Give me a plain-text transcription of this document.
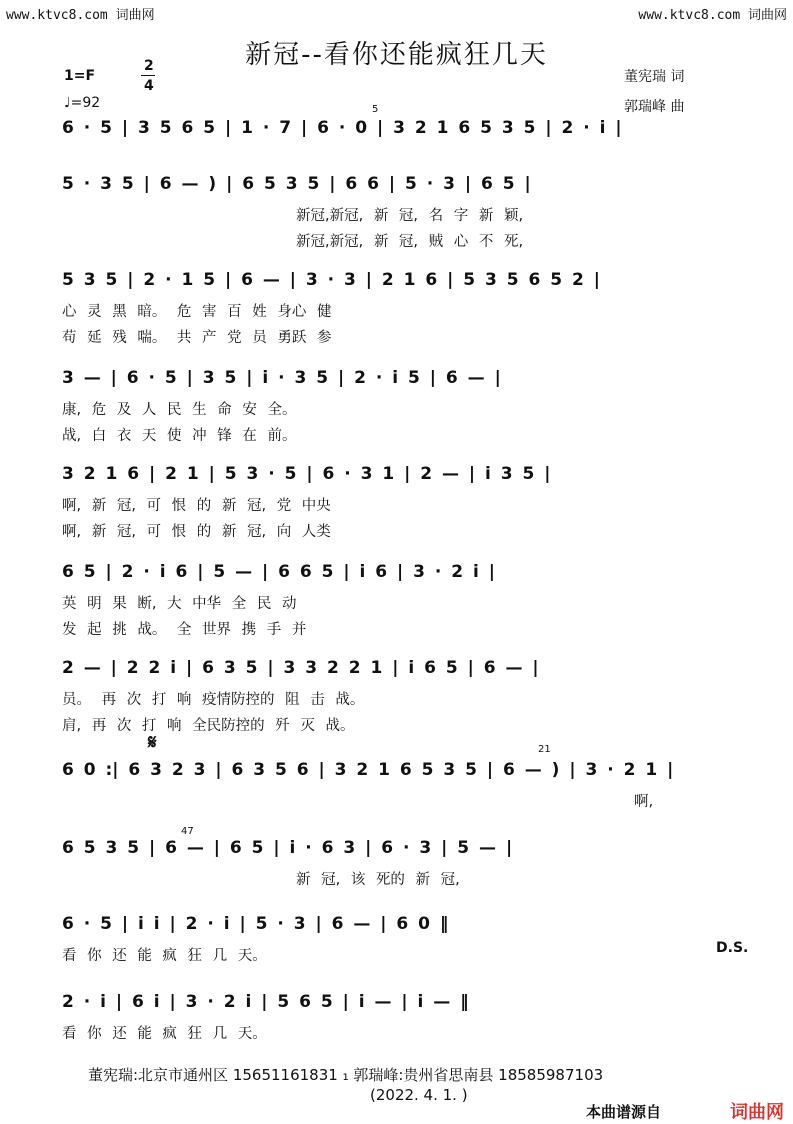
www.ktvc8.com 词曲网	www.ktvc8.com 词曲网
新冠--看你还能疯狂几天
1=F
2
4
♩=92
董宪瑞 词
郭瑞峰 曲
6 · 5 | 3 5 6 5 | 1 · 7 | 6 · 0 | 3 2 1 6 5 3 5 | 2 · i |
5 · 3 5 | 6 — ) | 6 5 3 5 | 6 6 | 5 · 3 | 6 5 |
新冠,新冠, 新 冠, 名 字 新 颖,
新冠,新冠, 新 冠, 贼 心 不 死,
5 3 5 | 2 · 1 5 | 6 — | 3 · 3 | 2 1 6 | 5 3 5 6 5 2 |
心 灵 黑 暗。 危 害 百 姓 身心 健
苟 延 残 喘。 共 产 党 员 勇跃 参
3 — | 6 · 5 | 3 5 | i · 3 5 | 2 · i 5 | 6 — |
康, 危 及 人 民 生 命 安 全。
战, 白 衣 天 使 冲 锋 在 前。
3 2 1 6 | 2 1 | 5 3 · 5 | 6 · 3 1 | 2 — | i 3 5 |
啊, 新 冠, 可 恨 的 新 冠, 党 中央
啊, 新 冠, 可 恨 的 新 冠, 向 人类
6 5 | 2 · i 6 | 5 — | 6 6 5 | i 6 | 3 · 2 i |
英 明 果 断, 大 中华 全 民 动
发 起 挑 战。 全 世界 携 手 并
2 — | 2 2 i | 6 3 5 | 3 3 2 2 1 | i 6 5 | 6 — |
员。 再 次 打 响 疫情防控的 阻 击 战。
肩, 再 次 打 响 全民防控的 歼 灭 战。
6 0 :| 6 3 2 3 | 6 3 5 6 | 3 2 1 6 5 3 5 | 6 — ) | 3 · 2 1 |
啊,
6 5 3 5 | 6 — | 6 5 | i · 6 3 | 6 · 3 | 5 — |
新 冠, 该 死的 新 冠,
6 · 5 | i i | 2 · i | 5 · 3 | 6 — | 6 0 ‖
看 你 还 能 疯 狂 几 天。
2 · i | 6 i | 3 · 2 i | 5 6 5 | i — | i — ‖
看 你 还 能 疯 狂 几 天。
𝄋
D.S.
5
21
47
董宪瑞:北京市通州区 15651161831 ₁ 郭瑞峰:贵州省思南县 18585987103
(2022. 4. 1. )
本曲谱源自	词曲网
